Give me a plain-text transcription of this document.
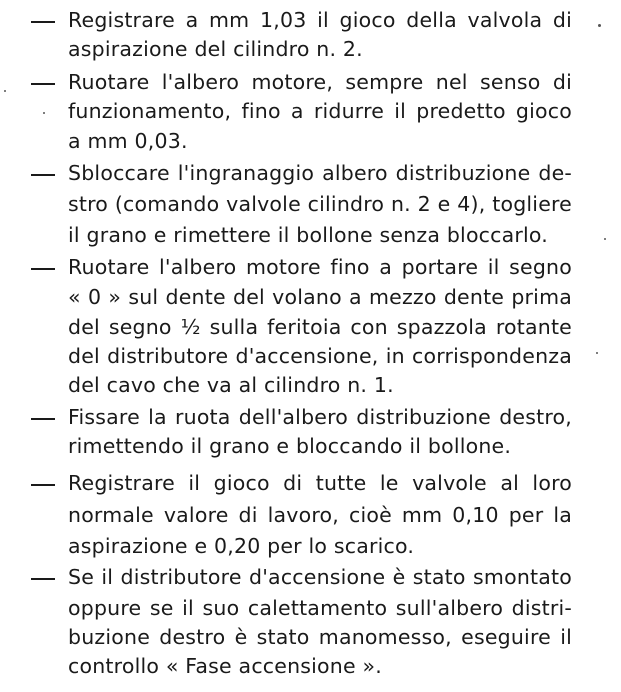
Registrare a mm 1,03 il gioco della valvola di
aspirazione del cilindro n. 2.
Ruotare l'albero motore, sempre nel senso di
funzionamento, fino a ridurre il predetto gioco
a mm 0,03.
Sbloccare l'ingranaggio albero distribuzione de-
stro (comando valvole cilindro n. 2 e 4), togliere
il grano e rimettere il bollone senza bloccarlo.
Ruotare l'albero motore fino a portare il segno
« 0 » sul dente del volano a mezzo dente prima
del segno ½ sulla feritoia con spazzola rotante
del distributore d'accensione, in corrispondenza
del cavo che va al cilindro n. 1.
Fissare la ruota dell'albero distribuzione destro,
rimettendo il grano e bloccando il bollone.
Registrare il gioco di tutte le valvole al loro
normale valore di lavoro, cioè mm 0,10 per la
aspirazione e 0,20 per lo scarico.
Se il distributore d'accensione è stato smontato
oppure se il suo calettamento sull'albero distri-
buzione destro è stato manomesso, eseguire il
controllo « Fase accensione ».
